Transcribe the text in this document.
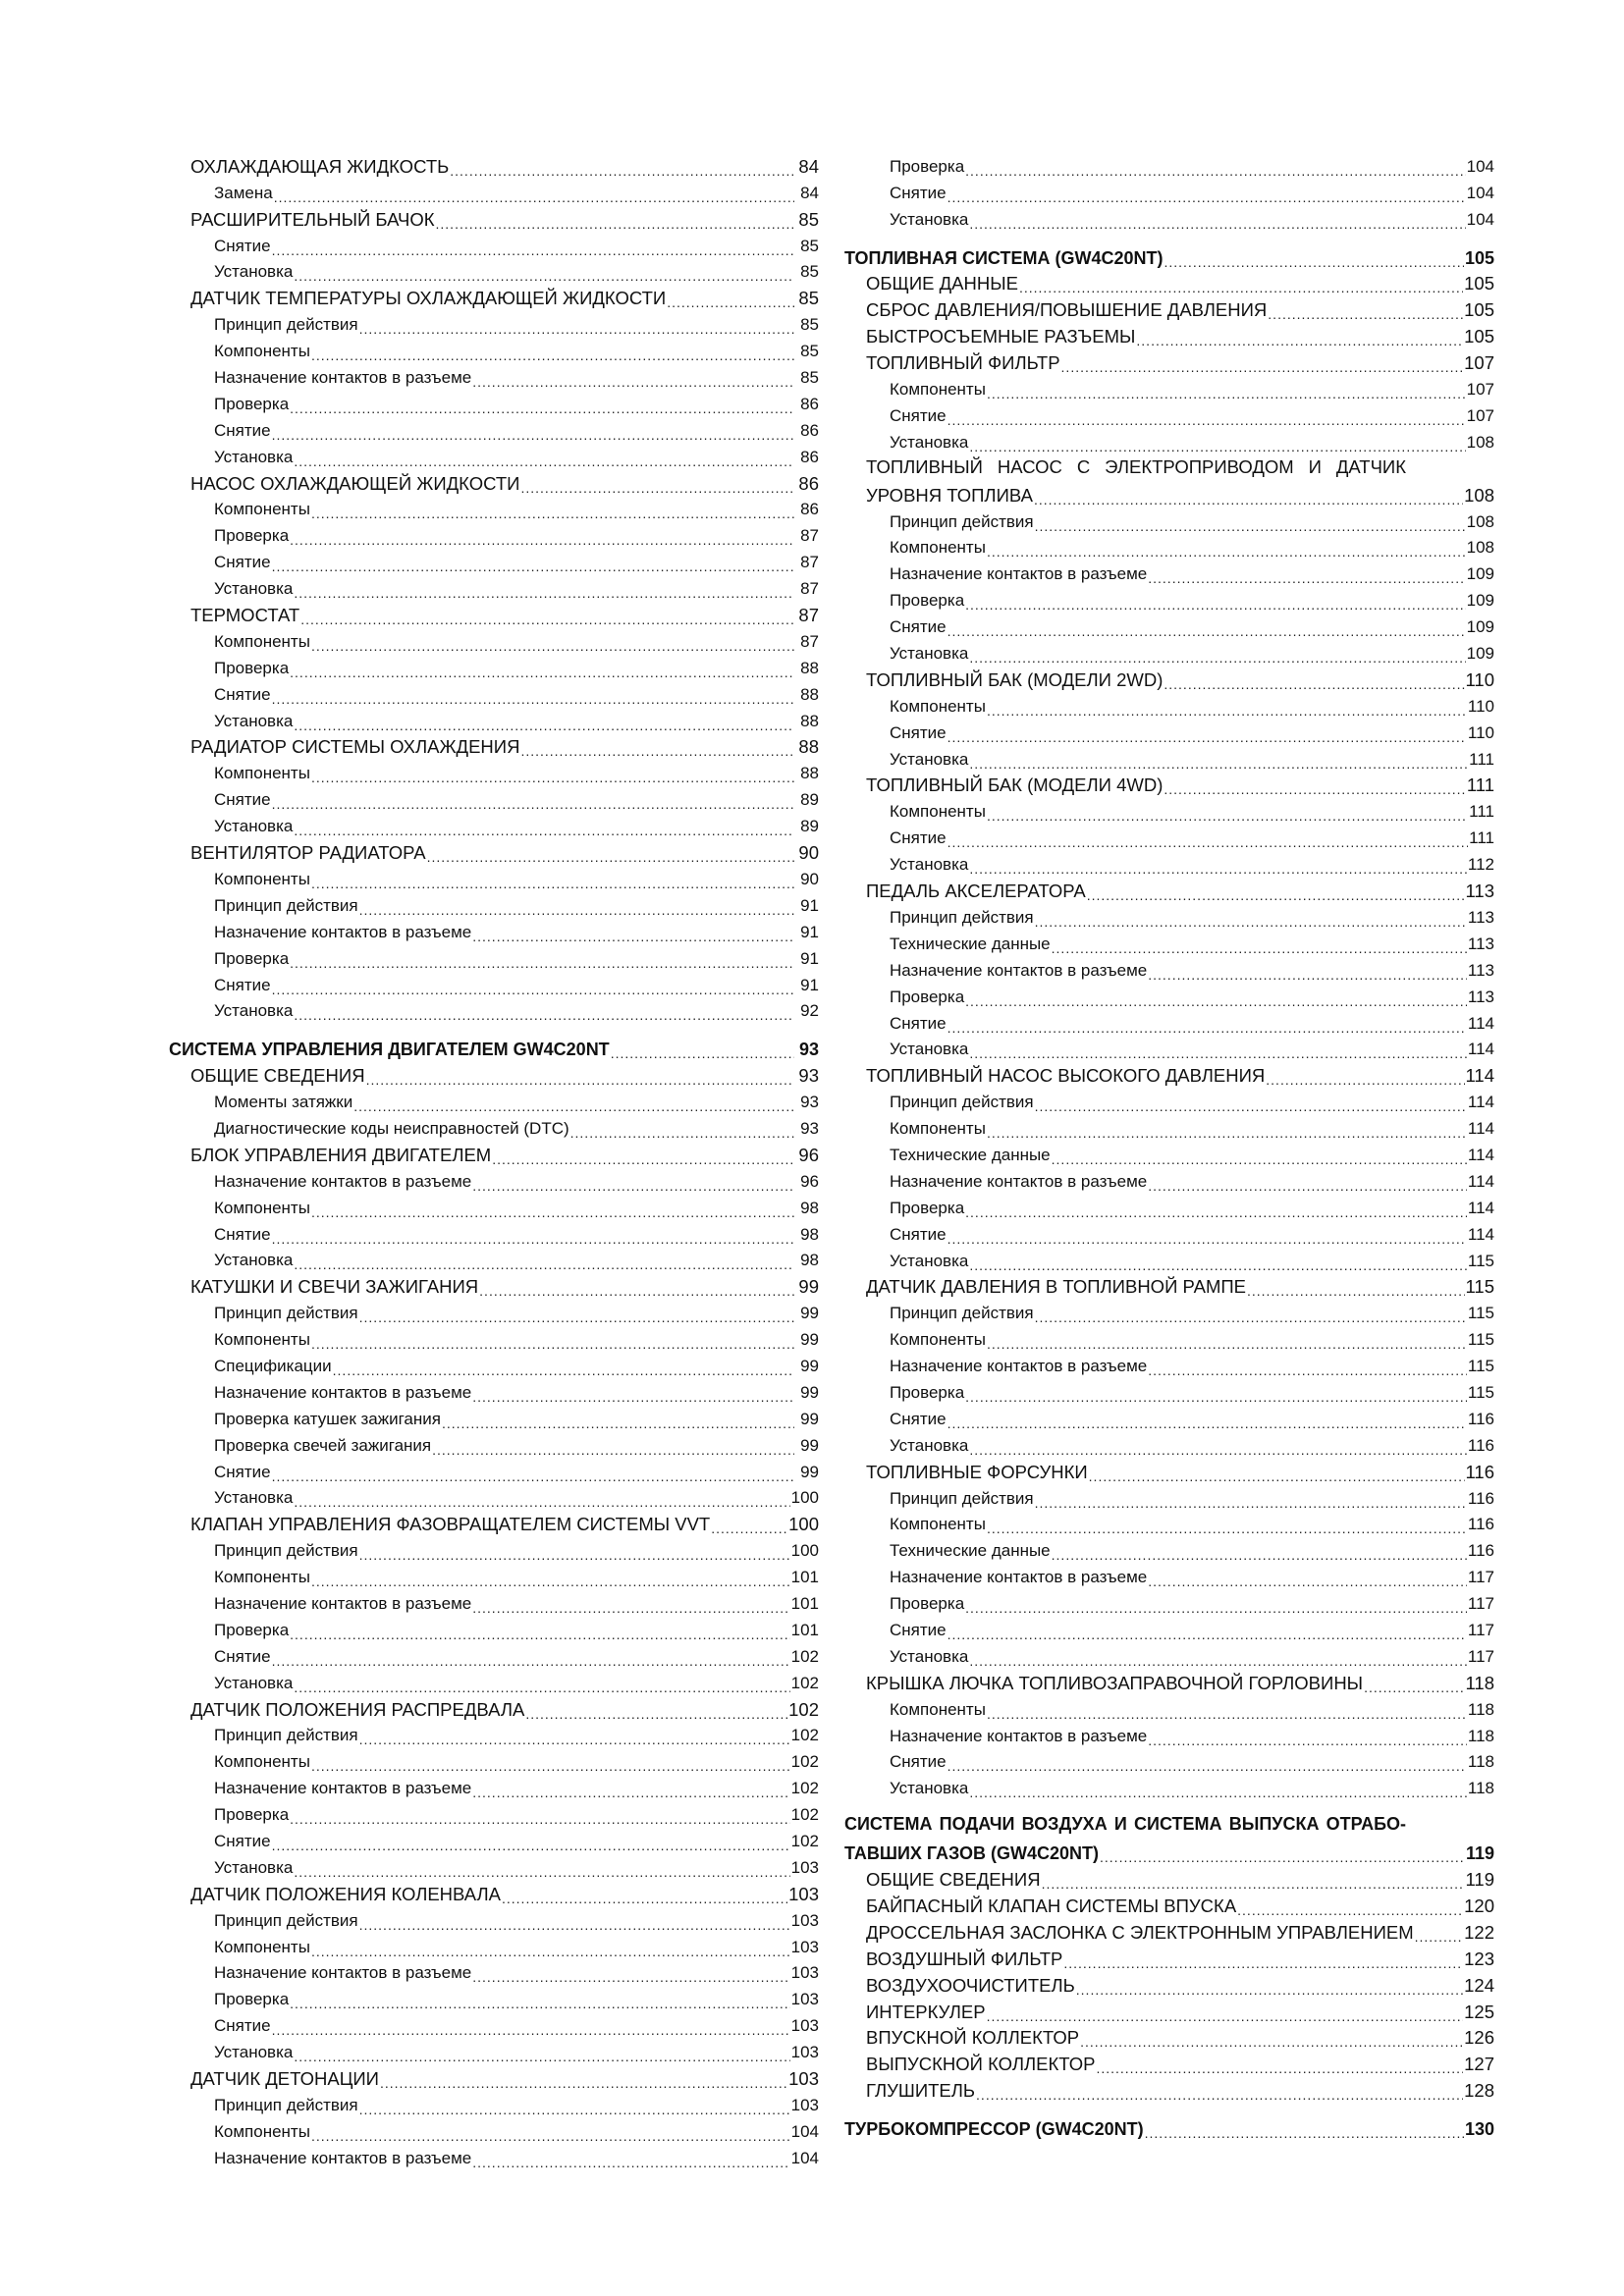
ОХЛАЖДАЮЩАЯ ЖИДКОСТЬ .....	84
Замена .....	84
РАСШИРИТЕЛЬНЫЙ БАЧОК .....	85
Снятие .....	85
Установка .....	85
ДАТЧИК ТЕМПЕРАТУРЫ ОХЛАЖДАЮЩЕЙ ЖИДКОСТИ .....	85
Принцип действия .....	85
Компоненты .....	85
Назначение контактов в разъеме .....	85
Проверка .....	86
Снятие .....	86
Установка .....	86
НАСОС ОХЛАЖДАЮЩЕЙ ЖИДКОСТИ .....	86
Компоненты .....	86
Проверка .....	87
Снятие .....	87
Установка .....	87
ТЕРМОСТАТ .....	87
Компоненты .....	87
Проверка .....	88
Снятие .....	88
Установка .....	88
РАДИАТОР СИСТЕМЫ ОХЛАЖДЕНИЯ .....	88
Компоненты .....	88
Снятие .....	89
Установка .....	89
ВЕНТИЛЯТОР РАДИАТОРА .....	90
Компоненты .....	90
Принцип действия .....	91
Назначение контактов в разъеме .....	91
Проверка .....	91
Снятие .....	91
Установка .....	92
СИСТЕМА УПРАВЛЕНИЯ ДВИГАТЕЛЕМ GW4C20NT .....	93
ОБЩИЕ СВЕДЕНИЯ .....	93
Моменты затяжки .....	93
Диагностические коды неисправностей (DTC) .....	93
БЛОК УПРАВЛЕНИЯ ДВИГАТЕЛЕМ .....	96
Назначение контактов в разъеме .....	96
Компоненты .....	98
Снятие .....	98
Установка .....	98
КАТУШКИ И СВЕЧИ ЗАЖИГАНИЯ .....	99
Принцип действия .....	99
Компоненты .....	99
Спецификации .....	99
Назначение контактов в разъеме .....	99
Проверка катушек зажигания .....	99
Проверка свечей зажигания .....	99
Снятие .....	99
Установка .....	100
КЛАПАН УПРАВЛЕНИЯ ФАЗОВРАЩАТЕЛЕМ СИСТЕМЫ VVT .....	100
Принцип действия .....	100
Компоненты .....	101
Назначение контактов в разъеме .....	101
Проверка .....	101
Снятие .....	102
Установка .....	102
ДАТЧИК ПОЛОЖЕНИЯ РАСПРЕДВАЛА .....	102
Принцип действия .....	102
Компоненты .....	102
Назначение контактов в разъеме .....	102
Проверка .....	102
Снятие .....	102
Установка .....	103
ДАТЧИК ПОЛОЖЕНИЯ КОЛЕНВАЛА .....	103
Принцип действия .....	103
Компоненты .....	103
Назначение контактов в разъеме .....	103
Проверка .....	103
Снятие .....	103
Установка .....	103
ДАТЧИК ДЕТОНАЦИИ .....	103
Принцип действия .....	103
Компоненты .....	104
Назначение контактов в разъеме .....	104
Проверка .....	104
Снятие .....	104
Установка .....	104
ТОПЛИВНАЯ СИСТЕМА (GW4C20NT) .....	105
ОБЩИЕ ДАННЫЕ .....	105
СБРОС ДАВЛЕНИЯ/ПОВЫШЕНИЕ ДАВЛЕНИЯ .....	105
БЫСТРОСЪЕМНЫЕ РАЗЪЕМЫ .....	105
ТОПЛИВНЫЙ ФИЛЬТР .....	107
Компоненты .....	107
Снятие .....	107
Установка .....	108
ТОПЛИВНЫЙ НАСОС С ЭЛЕКТРОПРИВОДОМ И ДАТЧИК
УРОВНЯ ТОПЛИВА .....	108
Принцип действия .....	108
Компоненты .....	108
Назначение контактов в разъеме .....	109
Проверка .....	109
Снятие .....	109
Установка .....	109
ТОПЛИВНЫЙ БАК (МОДЕЛИ 2WD) .....	110
Компоненты .....	110
Снятие .....	110
Установка .....	111
ТОПЛИВНЫЙ БАК (МОДЕЛИ 4WD) .....	111
Компоненты .....	111
Снятие .....	111
Установка .....	112
ПЕДАЛЬ АКСЕЛЕРАТОРА .....	113
Принцип действия .....	113
Технические данные .....	113
Назначение контактов в разъеме .....	113
Проверка .....	113
Снятие .....	114
Установка .....	114
ТОПЛИВНЫЙ НАСОС ВЫСОКОГО ДАВЛЕНИЯ .....	114
Принцип действия .....	114
Компоненты .....	114
Технические данные .....	114
Назначение контактов в разъеме .....	114
Проверка .....	114
Снятие .....	114
Установка .....	115
ДАТЧИК ДАВЛЕНИЯ В ТОПЛИВНОЙ РАМПЕ .....	115
Принцип действия .....	115
Компоненты .....	115
Назначение контактов в разъеме .....	115
Проверка .....	115
Снятие .....	116
Установка .....	116
ТОПЛИВНЫЕ ФОРСУНКИ .....	116
Принцип действия .....	116
Компоненты .....	116
Технические данные .....	116
Назначение контактов в разъеме .....	117
Проверка .....	117
Снятие .....	117
Установка .....	117
КРЫШКА ЛЮЧКА ТОПЛИВОЗАПРАВОЧНОЙ ГОРЛОВИНЫ .....	118
Компоненты .....	118
Назначение контактов в разъеме .....	118
Снятие .....	118
Установка .....	118
СИСТЕМА ПОДАЧИ ВОЗДУХА И СИСТЕМА ВЫПУСКА ОТРАБО-
ТАВШИХ ГАЗОВ (GW4C20NT) .....	119
ОБЩИЕ СВЕДЕНИЯ .....	119
БАЙПАСНЫЙ КЛАПАН СИСТЕМЫ ВПУСКА .....	120
ДРОССЕЛЬНАЯ ЗАСЛОНКА С ЭЛЕКТРОННЫМ УПРАВЛЕНИЕМ .....	122
ВОЗДУШНЫЙ ФИЛЬТР .....	123
ВОЗДУХООЧИСТИТЕЛЬ .....	124
ИНТЕРКУЛЕР .....	125
ВПУСКНОЙ КОЛЛЕКТОР .....	126
ВЫПУСКНОЙ КОЛЛЕКТОР .....	127
ГЛУШИТЕЛЬ .....	128
ТУРБОКОМПРЕССОР (GW4C20NT) .....	130
